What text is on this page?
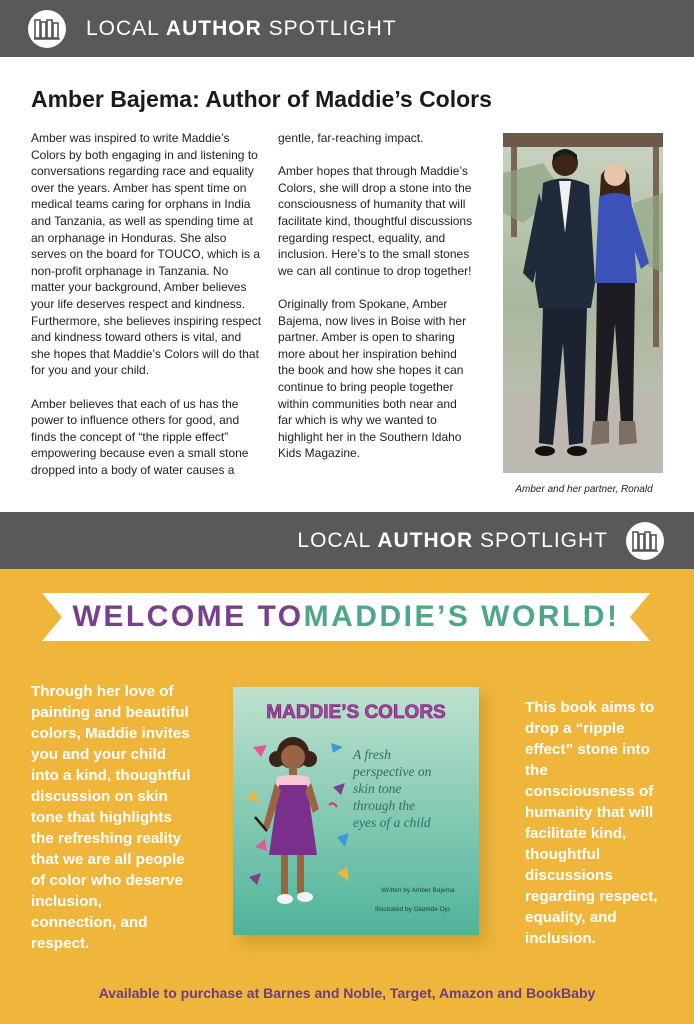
LOCAL AUTHOR SPOTLIGHT
Amber Bajema: Author of Maddie’s Colors

Amber was inspired to write Maddie’s Colors by both engaging in and listening to conversations regarding race and equality over the years. Amber has spent time on medical teams caring for orphans in India and Tanzania, as well as spending time at an orphanage in Honduras. She also serves on the board for TOUCO, which is a non-profit orphanage in Tanzania. No matter your background, Amber believes your life deserves respect and kindness. Furthermore, she believes inspiring respect and kindness toward others is vital, and she hopes that Maddie’s Colors will do that for you and your child.

Amber believes that each of us has the power to influence others for good, and finds the concept of “the ripple effect” empowering because even a small stone dropped into a body of water causes a

gentle, far-reaching impact.

Amber hopes that through Maddie’s Colors, she will drop a stone into the consciousness of humanity that will facilitate kind, thoughtful discussions regarding respect, equality, and inclusion. Here’s to the small stones we can all continue to drop together!

Originally from Spokane, Amber Bajema, now lives in Boise with her partner. Amber is open to sharing more about her inspiration behind the book and how she hopes it can continue to bring people together within communities both near and far which is why we wanted to highlight her in the Southern Idaho Kids Magazine.

Amber and her partner, Ronald
LOCAL AUTHOR SPOTLIGHT
WELCOME TO MADDIE’S WORLD!
Through her love of painting and beautiful colors, Maddie invites you and your child into a kind, thoughtful discussion on skin tone that highlights the refreshing reality that we are all people of color who deserve inclusion, connection, and respect.
This book aims to drop a “ripple effect” stone into the consciousness of humanity that will facilitate kind, thoughtful discussions regarding respect, equality, and inclusion.
MADDIE’S COLORS
A fresh
perspective on
skin tone
through the
eyes of a child
Written by Amber Bajema
Illustrated by Olamide Ojo
Available to purchase at Barnes and Noble, Target, Amazon and BookBaby
